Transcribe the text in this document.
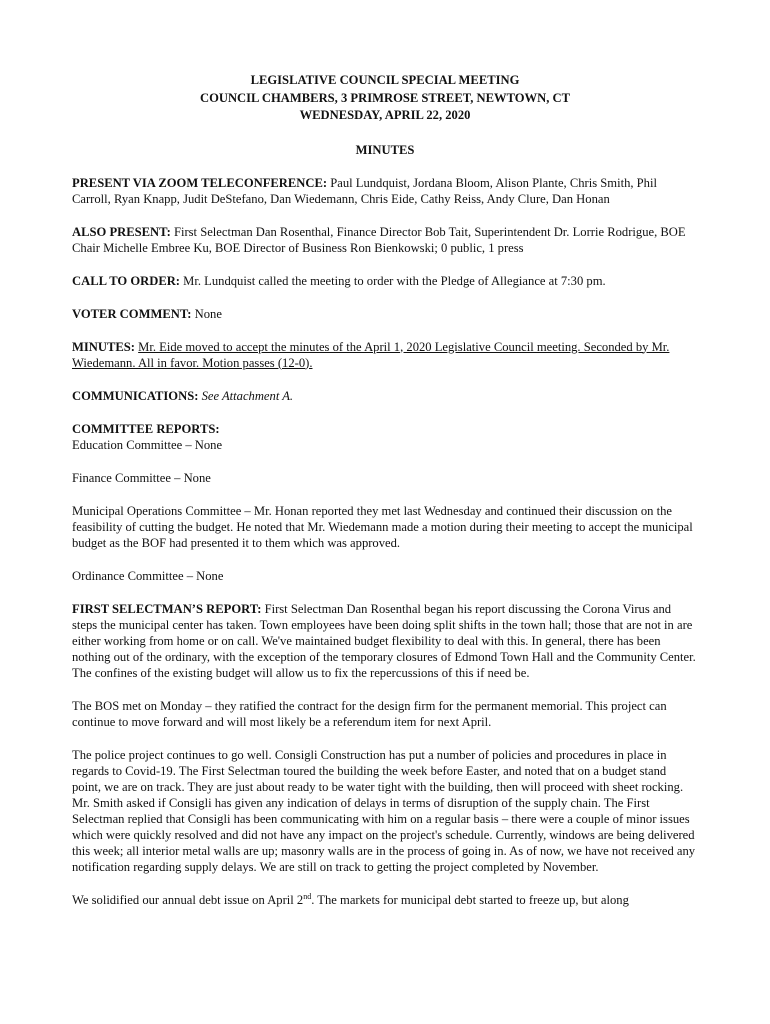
LEGISLATIVE COUNCIL SPECIAL MEETING
COUNCIL CHAMBERS, 3 PRIMROSE STREET, NEWTOWN, CT
WEDNESDAY, APRIL 22, 2020
MINUTES

PRESENT VIA ZOOM TELECONFERENCE: Paul Lundquist, Jordana Bloom, Alison Plante, Chris Smith, Phil Carroll, Ryan Knapp, Judit DeStefano, Dan Wiedemann, Chris Eide, Cathy Reiss, Andy Clure, Dan Honan

ALSO PRESENT: First Selectman Dan Rosenthal, Finance Director Bob Tait, Superintendent Dr. Lorrie Rodrigue, BOE Chair Michelle Embree Ku, BOE Director of Business Ron Bienkowski; 0 public, 1 press

CALL TO ORDER: Mr. Lundquist called the meeting to order with the Pledge of Allegiance at 7:30 pm.

VOTER COMMENT: None

MINUTES: Mr. Eide moved to accept the minutes of the April 1, 2020 Legislative Council meeting. Seconded by Mr. Wiedemann. All in favor. Motion passes (12-0).

COMMUNICATIONS: See Attachment A.

COMMITTEE REPORTS:
Education Committee – None

Finance Committee – None

Municipal Operations Committee – Mr. Honan reported they met last Wednesday and continued their discussion on the feasibility of cutting the budget. He noted that Mr. Wiedemann made a motion during their meeting to accept the municipal budget as the BOF had presented it to them which was approved.

Ordinance Committee – None

FIRST SELECTMAN’S REPORT: First Selectman Dan Rosenthal began his report discussing the Corona Virus and steps the municipal center has taken. Town employees have been doing split shifts in the town hall; those that are not in are either working from home or on call. We've maintained budget flexibility to deal with this. In general, there has been nothing out of the ordinary, with the exception of the temporary closures of Edmond Town Hall and the Community Center. The confines of the existing budget will allow us to fix the repercussions of this if need be.

The BOS met on Monday – they ratified the contract for the design firm for the permanent memorial. This project can continue to move forward and will most likely be a referendum item for next April.

The police project continues to go well. Consigli Construction has put a number of policies and procedures in place in regards to Covid-19. The First Selectman toured the building the week before Easter, and noted that on a budget stand point, we are on track. They are just about ready to be water tight with the building, then will proceed with sheet rocking. Mr. Smith asked if Consigli has given any indication of delays in terms of disruption of the supply chain. The First Selectman replied that Consigli has been communicating with him on a regular basis – there were a couple of minor issues which were quickly resolved and did not have any impact on the project's schedule. Currently, windows are being delivered this week; all interior metal walls are up; masonry walls are in the process of going in. As of now, we have not received any notification regarding supply delays. We are still on track to getting the project completed by November.

We solidified our annual debt issue on April 2nd. The markets for municipal debt started to freeze up, but along
